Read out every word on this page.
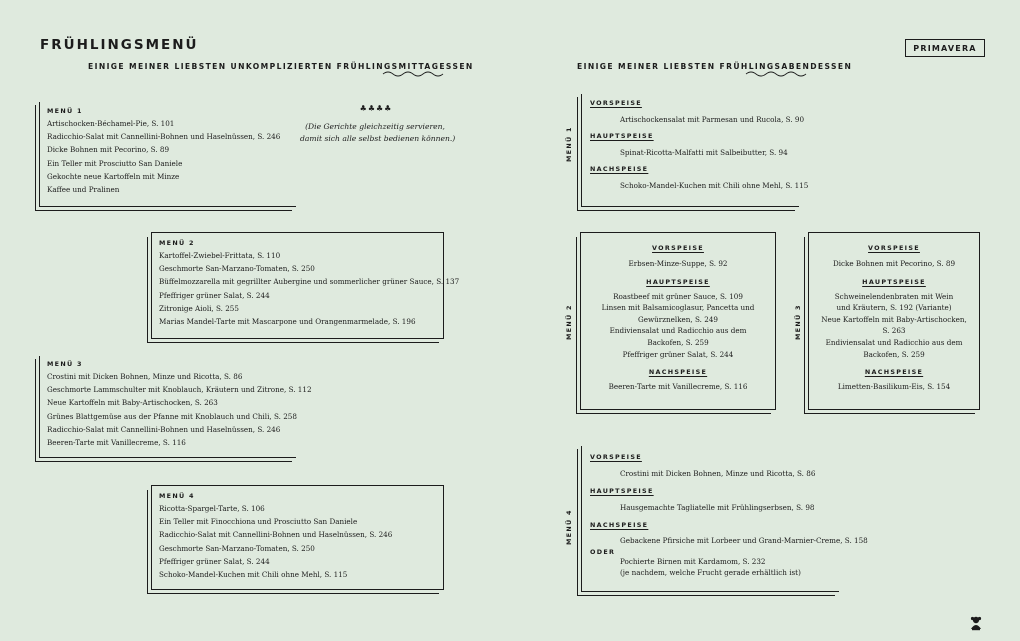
FRÜHLINGSMENÜ
EINIGE MEINER LIEBSTEN UNKOMPLIZIERTEN FRÜHLINGSMITTAGESSEN	EINIGE MEINER LIEBSTEN FRÜHLINGSABENDESSEN
PRIMAVERA
MENÜ 1
Artischocken-Béchamel-Pie, S. 101
Radicchio-Salat mit Cannellini-Bohnen und Haselnüssen, S. 246
Dicke Bohnen mit Pecorino, S. 89
Ein Teller mit Prosciutto San Daniele
Gekochte neue Kartoffeln mit Minze
Kaffee und Pralinen
♣♣♣♣
(Die Gerichte gleichzeitig servieren,
damit sich alle selbst bedienen können.)
MENÜ 2
Kartoffel-Zwiebel-Frittata, S. 110
Geschmorte San-Marzano-Tomaten, S. 250
Büffelmozzarella mit gegrillter Aubergine und sommerlicher grüner Sauce, S. 137
Pfeffriger grüner Salat, S. 244
Zitronige Aioli, S. 255
Marias Mandel-Tarte mit Mascarpone und Orangenmarmelade, S. 196
MENÜ 3
Crostini mit Dicken Bohnen, Minze und Ricotta, S. 86
Geschmorte Lammschulter mit Knoblauch, Kräutern und Zitrone, S. 112
Neue Kartoffeln mit Baby-Artischocken, S. 263
Grünes Blattgemüse aus der Pfanne mit Knoblauch und Chili, S. 258
Radicchio-Salat mit Cannellini-Bohnen und Haselnüssen, S. 246
Beeren-Tarte mit Vanillecreme, S. 116
MENÜ 4
Ricotta-Spargel-Tarte, S. 106
Ein Teller mit Finocchiona und Prosciutto San Daniele
Radicchio-Salat mit Cannellini-Bohnen und Haselnüssen, S. 246
Geschmorte San-Marzano-Tomaten, S. 250
Pfeffriger grüner Salat, S. 244
Schoko-Mandel-Kuchen mit Chili ohne Mehl, S. 115
MENÜ 1
VORSPEISE
Artischockensalat mit Parmesan und Rucola, S. 90
HAUPTSPEISE
Spinat-Ricotta-Malfatti mit Salbeibutter, S. 94
NACHSPEISE
Schoko-Mandel-Kuchen mit Chili ohne Mehl, S. 115
MENÜ 2
VORSPEISE
Erbsen-Minze-Suppe, S. 92
HAUPTSPEISE
Roastbeef mit grüner Sauce, S. 109
Linsen mit Balsamicoglasur, Pancetta und
Gewürznelken, S. 249
Endiviensalat und Radicchio aus dem
Backofen, S. 259
Pfeffriger grüner Salat, S. 244
NACHSPEISE
Beeren-Tarte mit Vanillecreme, S. 116
MENÜ 3
VORSPEISE
Dicke Bohnen mit Pecorino, S. 89
HAUPTSPEISE
Schweinelendenbraten mit Wein
und Kräutern, S. 192 (Variante)
Neue Kartoffeln mit Baby-Artischocken,
S. 263
Endiviensalat und Radicchio aus dem
Backofen, S. 259
NACHSPEISE
Limetten-Basilikum-Eis, S. 154
MENÜ 4
VORSPEISE
Crostini mit Dicken Bohnen, Minze und Ricotta, S. 86
HAUPTSPEISE
Hausgemachte Tagliatelle mit Frühlingserbsen, S. 98
NACHSPEISE
Gebackene Pfirsiche mit Lorbeer und Grand-Marnier-Creme, S. 158
ODER
Pochierte Birnen mit Kardamom, S. 232
(je nachdem, welche Frucht gerade erhältlich ist)
